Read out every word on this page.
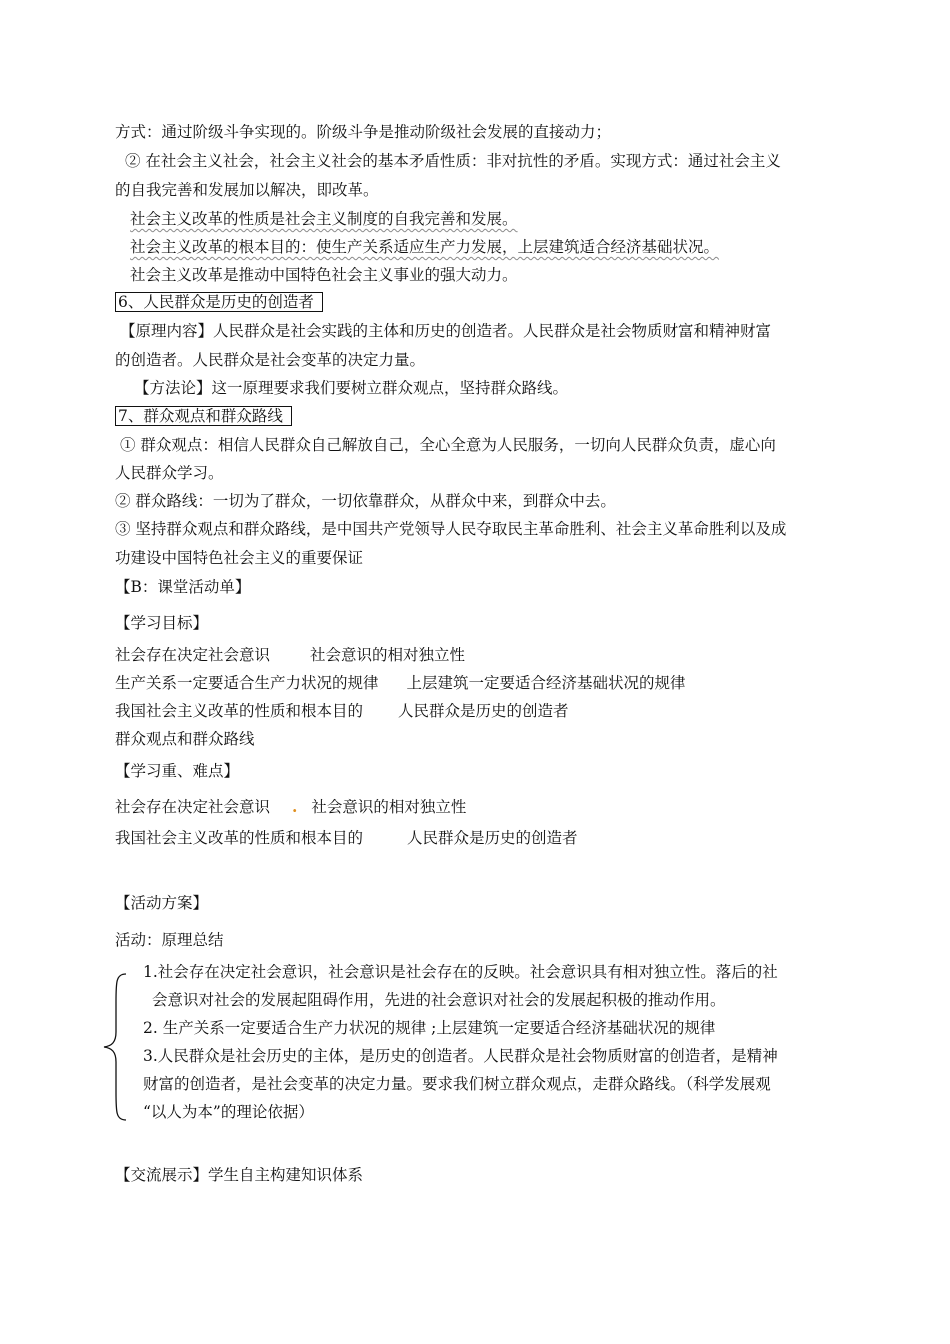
方式：通过阶级斗争实现的。阶级斗争是推动阶级社会发展的直接动力；
② 在社会主义社会，社会主义社会的基本矛盾性质：非对抗性的矛盾。实现方式：通过社会主义
的自我完善和发展加以解决，即改革。
社会主义改革的性质是社会主义制度的自我完善和发展。
社会主义改革的根本目的：使生产关系适应生产力发展，上层建筑适合经济基础状况。
社会主义改革是推动中国特色社会主义事业的强大动力。
6、人民群众是历史的创造者
【原理内容】人民群众是社会实践的主体和历史的创造者。人民群众是社会物质财富和精神财富
的创造者。人民群众是社会变革的决定力量。
【方法论】这一原理要求我们要树立群众观点，坚持群众路线。
7、群众观点和群众路线
① 群众观点：相信人民群众自己解放自己，全心全意为人民服务，一切向人民群众负责，虚心向
人民群众学习。
② 群众路线：一切为了群众，一切依靠群众，从群众中来，到群众中去。
③ 坚持群众观点和群众路线，是中国共产党领导人民夺取民主革命胜利、社会主义革命胜利以及成
功建设中国特色社会主义的重要保证
【B：课堂活动单】
【学习目标】
社会存在决定社会意识	社会意识的相对独立性
生产关系一定要适合生产力状况的规律 上层建筑一定要适合经济基础状况的规律
我国社会主义改革的性质和根本目的 人民群众是历史的创造者
群众观点和群众路线
【学习重、难点】
社会存在决定社会意识 . 社会意识的相对独立性
我国社会主义改革的性质和根本目的	人民群众是历史的创造者
【活动方案】
活动：原理总结
1.社会存在决定社会意识，社会意识是社会存在的反映。社会意识具有相对独立性。落后的社
会意识对社会的发展起阻碍作用，先进的社会意识对社会的发展起积极的推动作用。
2. 生产关系一定要适合生产力状况的规律 ;上层建筑一定要适合经济基础状况的规律
3.人民群众是社会历史的主体，是历史的创造者。人民群众是社会物质财富的创造者，是精神
财富的创造者，是社会变革的决定力量。要求我们树立群众观点，走群众路线。（科学发展观
“以人为本”的理论依据）
【交流展示】学生自主构建知识体系
